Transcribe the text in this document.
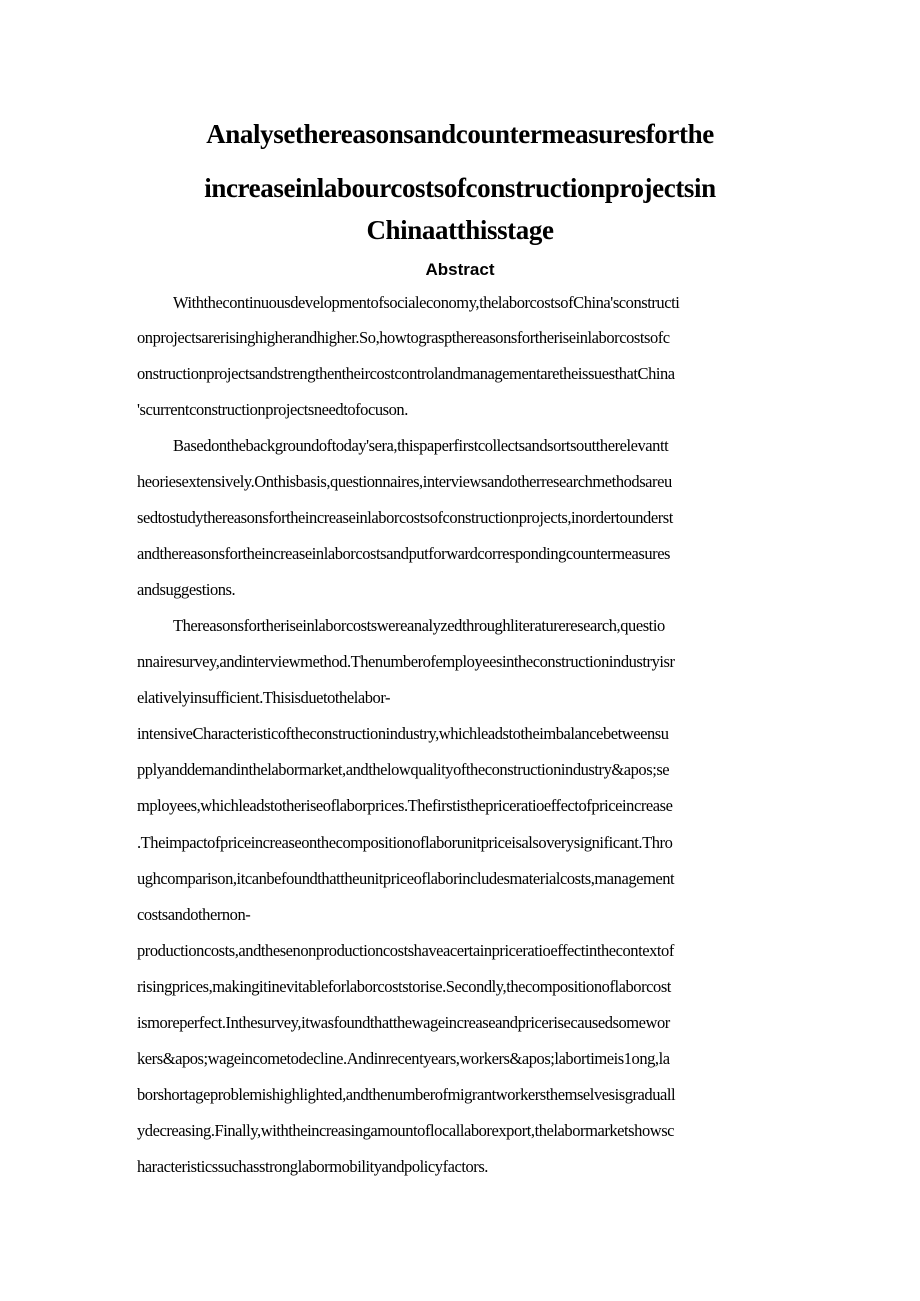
Analysethereasonsandcountermeasuresforthe
increaseinlabourcostsofconstructionprojectsin
Chinaatthisstage
Abstract
Withthecontinuousdevelopmentofsocialeconomy,thelaborcostsofChina'sconstructi
onprojectsarerisinghigherandhigher.So,howtograspthereasonsfortheriseinlaborcostsofc
onstructionprojectsandstrengthentheircostcontrolandmanagementaretheissuesthatChina
'scurrentconstructionprojectsneedtofocuson.
Basedonthebackgroundoftoday'sera,thispaperfirstcollectsandsortsouttherelevantt
heoriesextensively.Onthisbasis,questionnaires,interviewsandotherresearchmethodsareu
sedtostudythereasonsfortheincreaseinlaborcostsofconstructionprojects,inordertounderst
andthereasonsfortheincreaseinlaborcostsandputforwardcorrespondingcountermeasures
andsuggestions.
Thereasonsfortheriseinlaborcostswereanalyzedthroughliteratureresearch,questio
nnairesurvey,andinterviewmethod.Thenumberofemployeesintheconstructionindustryisr
elativelyinsufficient.Thisisduetothelabor-
intensiveCharacteristicoftheconstructionindustry,whichleadstotheimbalancebetweensu
pplyanddemandinthelabormarket,andthelowqualityoftheconstructionindustry&apos;se
mployees,whichleadstotheriseoflaborprices.Thefirstisthepriceratioeffectofpriceincrease
.Theimpactofpriceincreaseonthecompositionoflaborunitpriceisalsoverysignificant.Thro
ughcomparison,itcanbefoundthattheunitpriceoflaborincludesmaterialcosts,management
costsandothernon-
productioncosts,andthesenonproductioncostshaveacertainpriceratioeffectinthecontextof
risingprices,makingitinevitableforlaborcoststorise.Secondly,thecompositionoflaborcost
ismoreperfect.Inthesurvey,itwasfoundthatthewageincreaseandpricerisecausedsomewor
kers&apos;wageincometodecline.Andinrecentyears,workers&apos;labortimeis1ong,la
borshortageproblemishighlighted,andthenumberofmigrantworkersthemselvesisgraduall
ydecreasing.Finally,withtheincreasingamountoflocallaborexport,thelabormarketshowsc
haracteristicssuchasstronglabormobilityandpolicyfactors.
